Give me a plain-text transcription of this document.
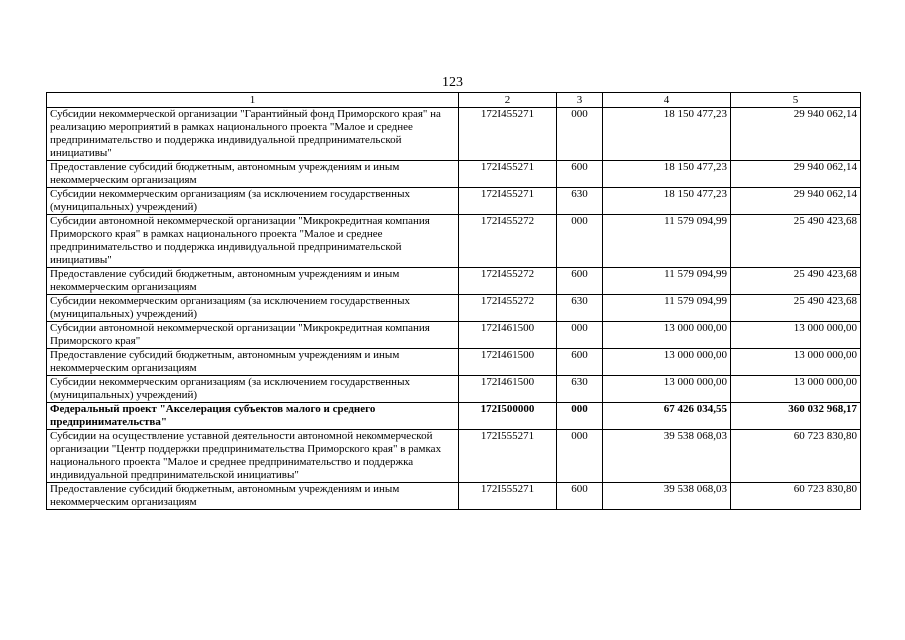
123
1	2	3	4	5
Субсидии некоммерческой организации "Гарантийный фонд Приморского края" на реализацию мероприятий в рамках национального проекта "Малое и среднее предпринимательство и поддержка индивидуальной предпринимательской инициативы"	172I455271	000	18 150 477,23	29 940 062,14
Предоставление субсидий бюджетным, автономным учреждениям и иным некоммерческим организациям	172I455271	600	18 150 477,23	29 940 062,14
Субсидии некоммерческим организациям (за исключением государственных (муниципальных) учреждений)	172I455271	630	18 150 477,23	29 940 062,14
Субсидии автономной некоммерческой организации "Микрокредитная компания Приморского края" в рамках национального проекта "Малое и среднее предпринимательство и поддержка индивидуальной предпринимательской инициативы"	172I455272	000	11 579 094,99	25 490 423,68
Предоставление субсидий бюджетным, автономным учреждениям и иным некоммерческим организациям	172I455272	600	11 579 094,99	25 490 423,68
Субсидии некоммерческим организациям (за исключением государственных (муниципальных) учреждений)	172I455272	630	11 579 094,99	25 490 423,68
Субсидии автономной некоммерческой организации "Микрокредитная компания Приморского края"	172I461500	000	13 000 000,00	13 000 000,00
Предоставление субсидий бюджетным, автономным учреждениям и иным некоммерческим организациям	172I461500	600	13 000 000,00	13 000 000,00
Субсидии некоммерческим организациям (за исключением государственных (муниципальных) учреждений)	172I461500	630	13 000 000,00	13 000 000,00
Федеральный проект "Акселерация субъектов малого и среднего предпринимательства"	172I500000	000	67 426 034,55	360 032 968,17
Субсидии на осуществление уставной деятельности автономной некоммерческой организации "Центр поддержки предпринимательства Приморского края" в рамках национального проекта "Малое и среднее предпринимательство и поддержка индивидуальной предпринимательской инициативы"	172I555271	000	39 538 068,03	60 723 830,80
Предоставление субсидий бюджетным, автономным учреждениям и иным некоммерческим организациям	172I555271	600	39 538 068,03	60 723 830,80
